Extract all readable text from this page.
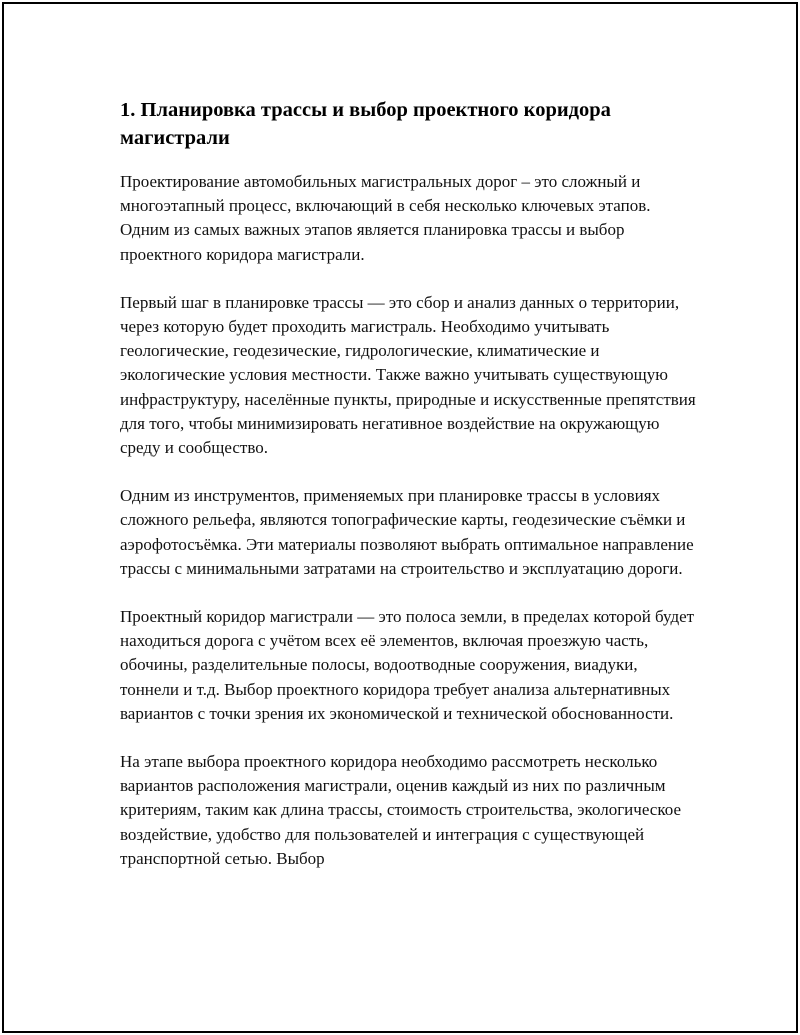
1. Планировка трассы и выбор проектного коридора магистрали

Проектирование автомобильных магистральных дорог – это сложный и многоэтапный процесс, включающий в себя несколько ключевых этапов. Одним из самых важных этапов является планировка трассы и выбор проектного коридора магистрали.

Первый шаг в планировке трассы — это сбор и анализ данных о территории, через которую будет проходить магистраль. Необходимо учитывать геологические, геодезические, гидрологические, климатические и экологические условия местности. Также важно учитывать существующую инфраструктуру, населённые пункты, природные и искусственные препятствия для того, чтобы минимизировать негативное воздействие на окружающую среду и сообщество.

Одним из инструментов, применяемых при планировке трассы в условиях сложного рельефа, являются топографические карты, геодезические съёмки и аэрофотосъёмка. Эти материалы позволяют выбрать оптимальное направление трассы с минимальными затратами на строительство и эксплуатацию дороги.

Проектный коридор магистрали — это полоса земли, в пределах которой будет находиться дорога с учётом всех её элементов, включая проезжую часть, обочины, разделительные полосы, водоотводные сооружения, виадуки, тоннели и т.д. Выбор проектного коридора требует анализа альтернативных вариантов с точки зрения их экономической и технической обоснованности.

На этапе выбора проектного коридора необходимо рассмотреть несколько вариантов расположения магистрали, оценив каждый из них по различным критериям, таким как длина трассы, стоимость строительства, экологическое воздействие, удобство для пользователей и интеграция с существующей транспортной сетью. Выбор
